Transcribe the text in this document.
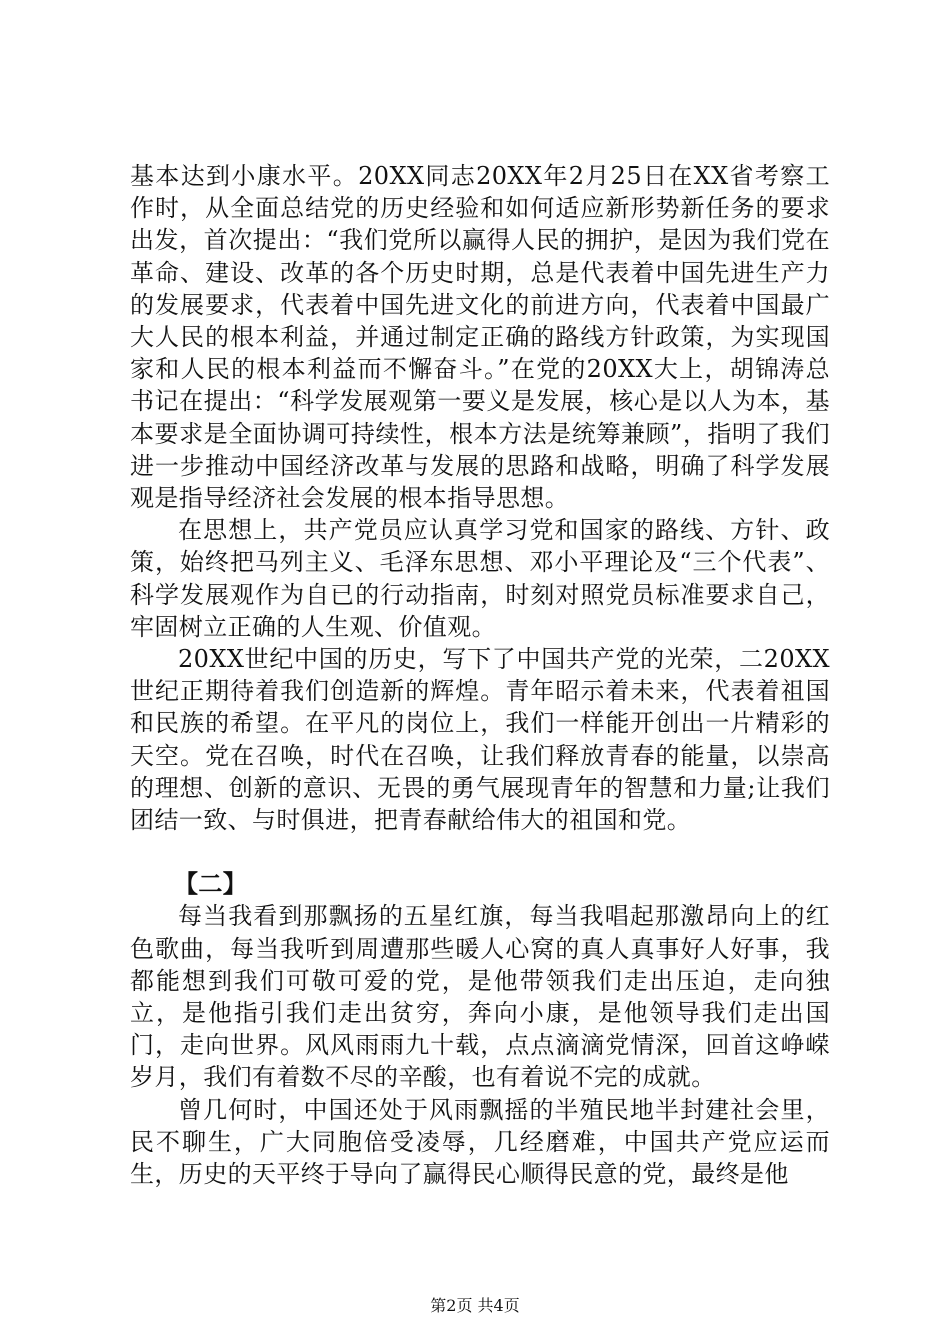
基本达到小康水平。20XX同志20XX年2月25日在XX省考察工作时，从全面总结党的历史经验和如何适应新形势新任务的要求出发，首次提出：“我们党所以赢得人民的拥护，是因为我们党在革命、建设、改革的各个历史时期，总是代表着中国先进生产力的发展要求，代表着中国先进文化的前进方向，代表着中国最广大人民的根本利益，并通过制定正确的路线方针政策，为实现国家和人民的根本利益而不懈奋斗。”在党的20XX大上，胡锦涛总书记在提出：“科学发展观第一要义是发展，核心是以人为本，基本要求是全面协调可持续性，根本方法是统筹兼顾”，指明了我们进一步推动中国经济改革与发展的思路和战略，明确了科学发展观是指导经济社会发展的根本指导思想。

在思想上，共产党员应认真学习党和国家的路线、方针、政策，始终把马列主义、毛泽东思想、邓小平理论及“三个代表”、科学发展观作为自已的行动指南，时刻对照党员标准要求自己，牢固树立正确的人生观、价值观。

20XX世纪中国的历史，写下了中国共产党的光荣，二20XX世纪正期待着我们创造新的辉煌。青年昭示着未来，代表着祖国和民族的希望。在平凡的岗位上，我们一样能开创出一片精彩的天空。党在召唤，时代在召唤，让我们释放青春的能量，以崇高的理想、创新的意识、无畏的勇气展现青年的智慧和力量;让我们团结一致、与时俱进，把青春献给伟大的祖国和党。

【二】

每当我看到那飘扬的五星红旗，每当我唱起那激昂向上的红色歌曲，每当我听到周遭那些暖人心窝的真人真事好人好事，我都能想到我们可敬可爱的党，是他带领我们走出压迫，走向独立，是他指引我们走出贫穷，奔向小康，是他领导我们走出国门，走向世界。风风雨雨九十载，点点滴滴党情深，回首这峥嵘岁月，我们有着数不尽的辛酸，也有着说不完的成就。

曾几何时，中国还处于风雨飘摇的半殖民地半封建社会里，民不聊生，广大同胞倍受凌辱，几经磨难，中国共产党应运而生，历史的天平终于导向了赢得民心顺得民意的党，最终是他

第2页 共4页
